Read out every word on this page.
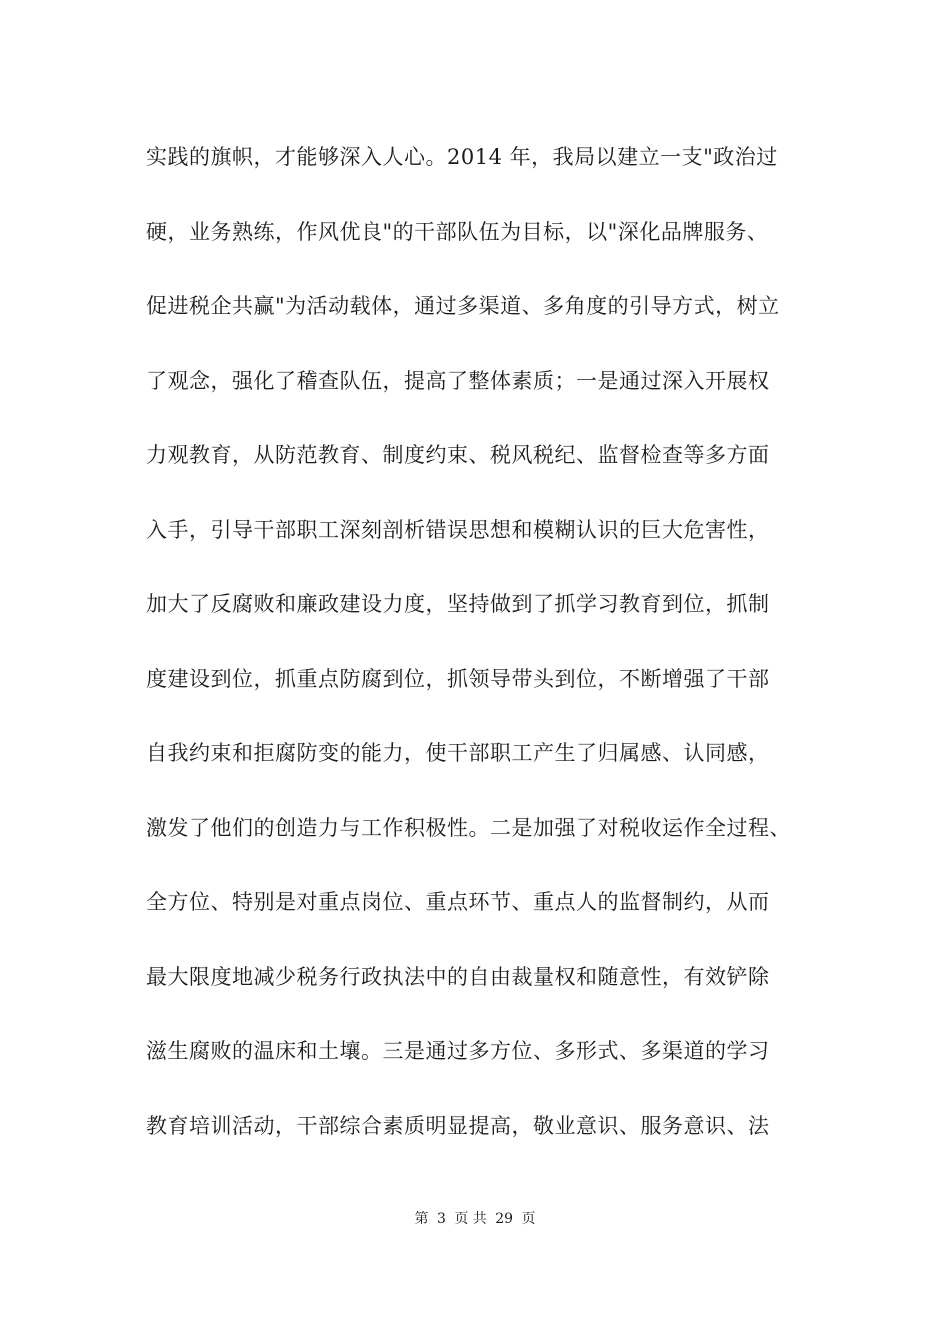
实践的旗帜，才能够深入人心。2014 年，我局以建立一支"政治过
硬，业务熟练，作风优良"的干部队伍为目标，以"深化品牌服务、
促进税企共赢"为活动载体，通过多渠道、多角度的引导方式，树立
了观念，强化了稽查队伍，提高了整体素质；一是通过深入开展权
力观教育，从防范教育、制度约束、税风税纪、监督检查等多方面
入手，引导干部职工深刻剖析错误思想和模糊认识的巨大危害性，
加大了反腐败和廉政建设力度，坚持做到了抓学习教育到位，抓制
度建设到位，抓重点防腐到位，抓领导带头到位，不断增强了干部
自我约束和拒腐防变的能力，使干部职工产生了归属感、认同感，
激发了他们的创造力与工作积极性。二是加强了对税收运作全过程、
全方位、特别是对重点岗位、重点环节、重点人的监督制约，从而
最大限度地减少税务行政执法中的自由裁量权和随意性，有效铲除
滋生腐败的温床和土壤。三是通过多方位、多形式、多渠道的学习
教育培训活动，干部综合素质明显提高，敬业意识、服务意识、法
第 3 页 共 29 页
